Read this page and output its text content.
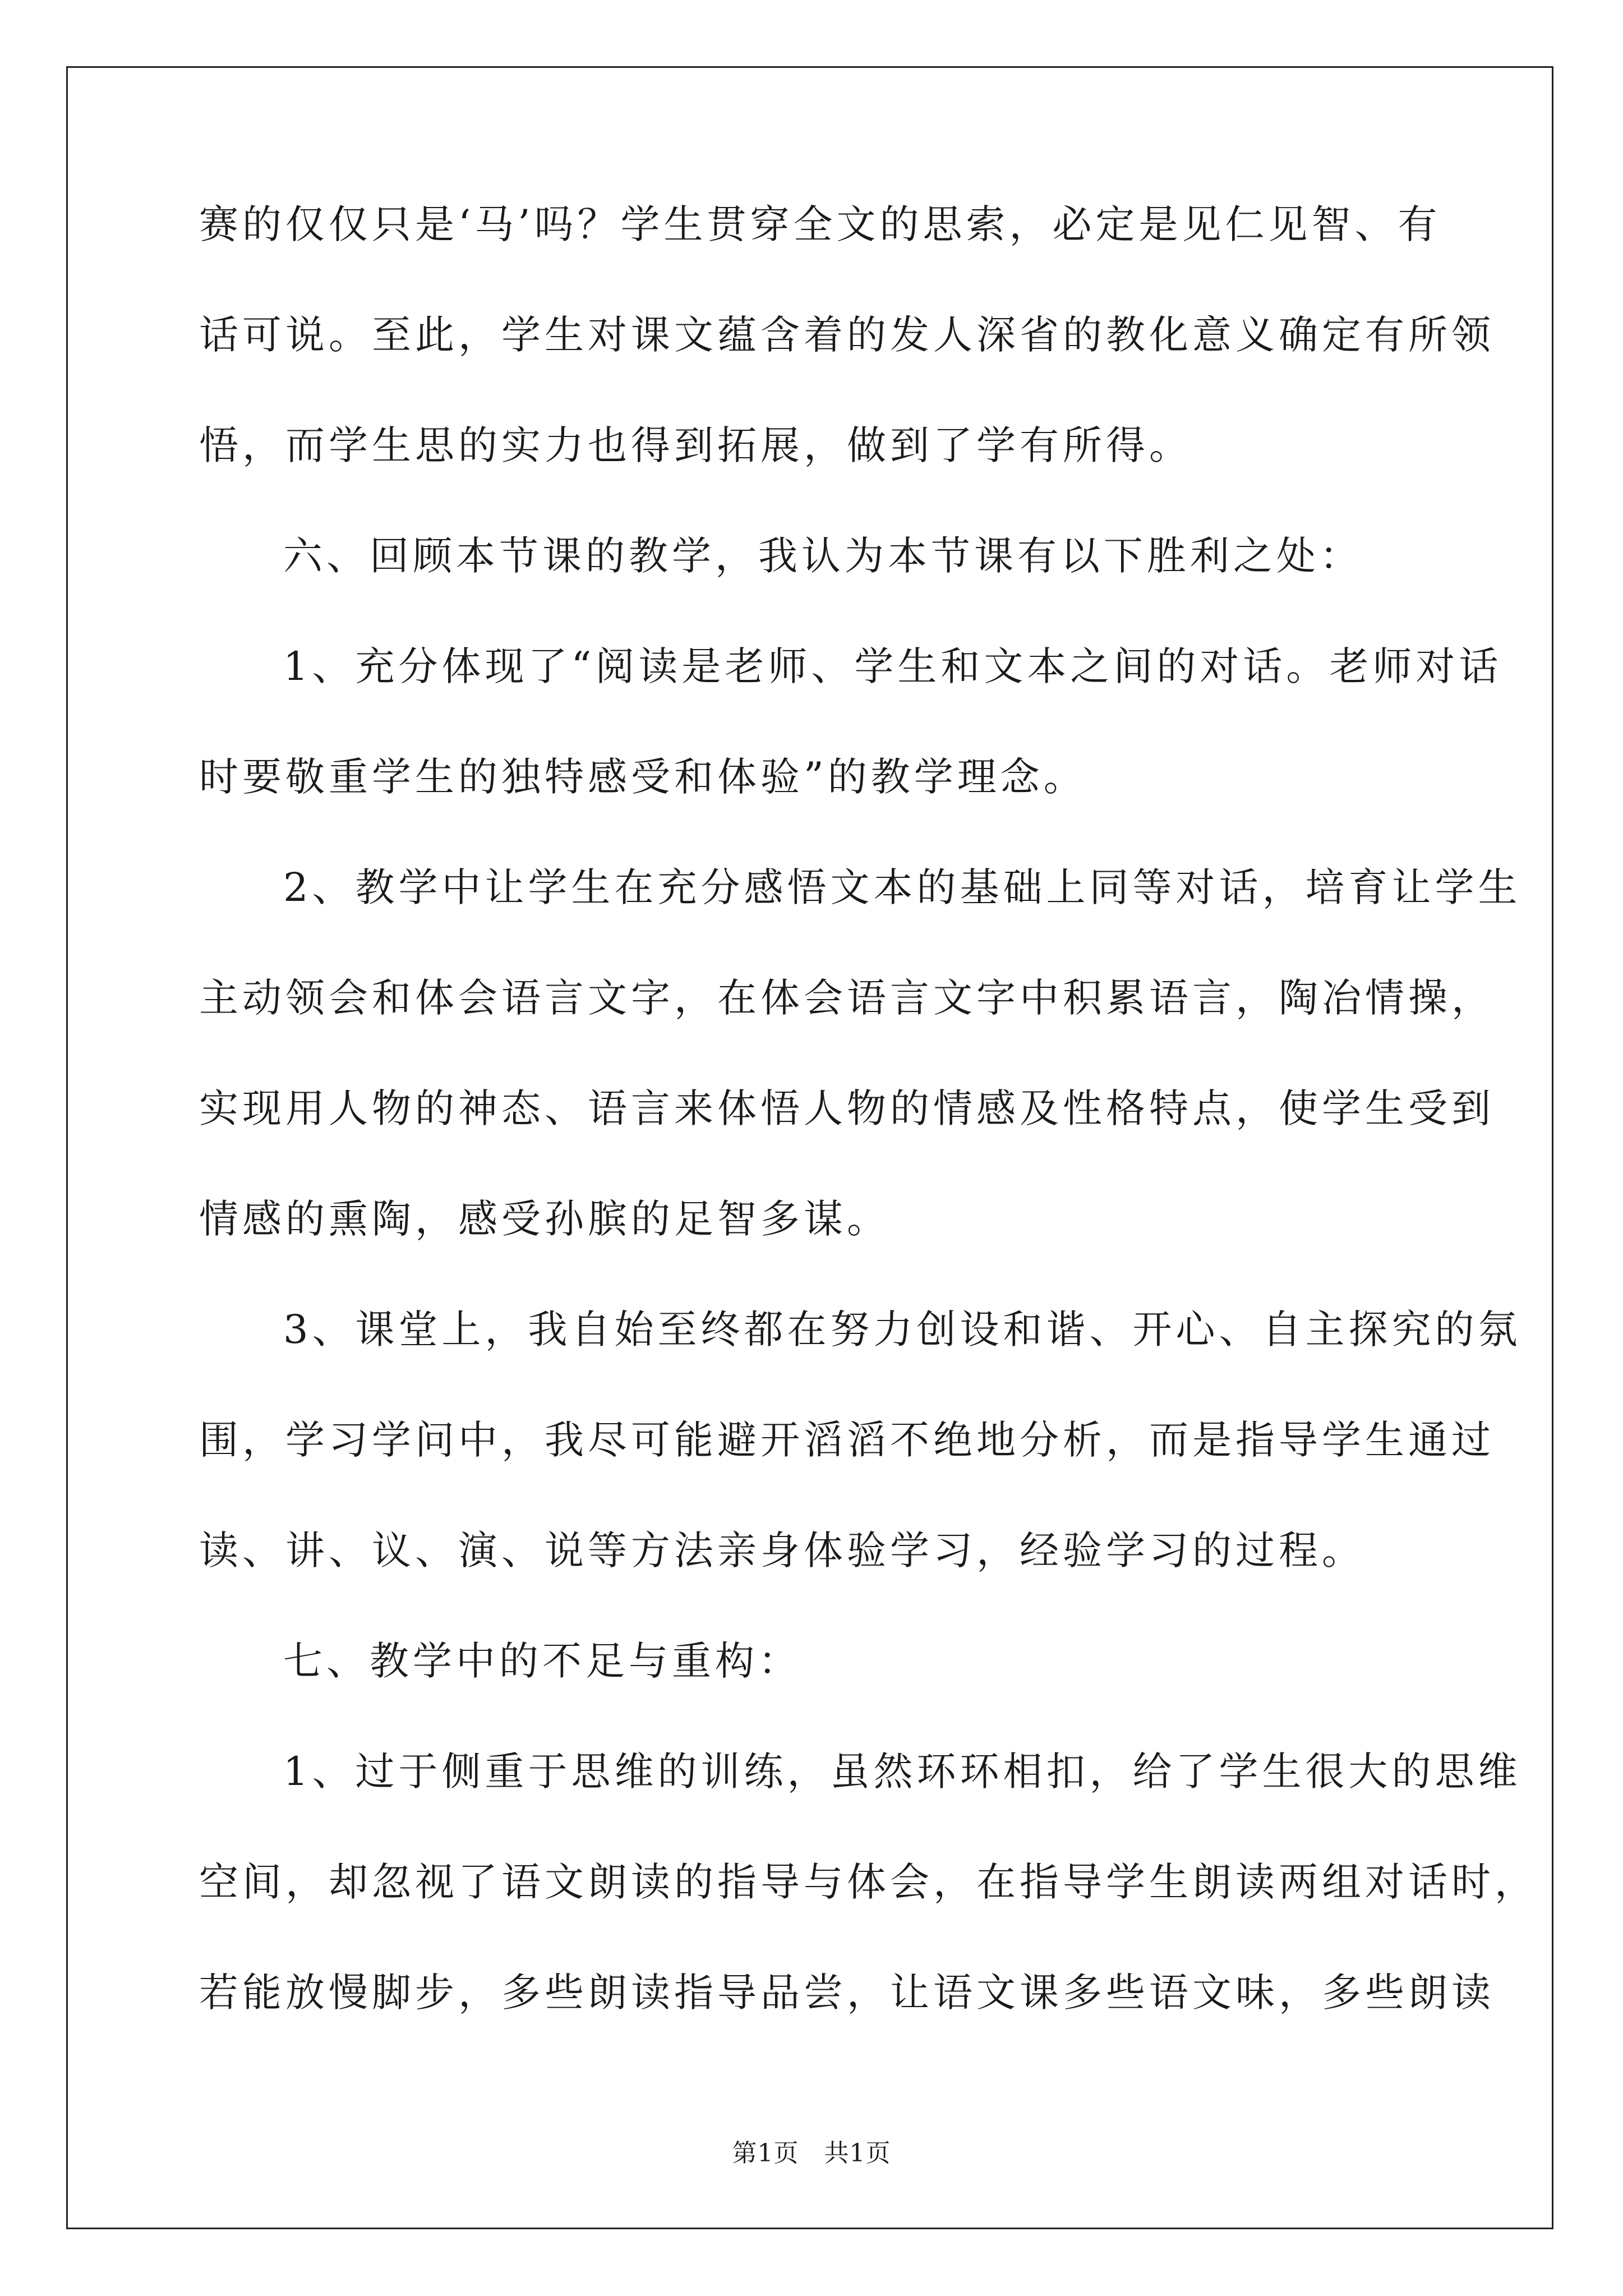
赛的仅仅只是‘马’吗？学生贯穿全文的思索，必定是见仁见智、有
话可说。至此，学生对课文蕴含着的发人深省的教化意义确定有所领
悟，而学生思的实力也得到拓展，做到了学有所得。
六、回顾本节课的教学，我认为本节课有以下胜利之处：
1、充分体现了“阅读是老师、学生和文本之间的对话。老师对话
时要敬重学生的独特感受和体验”的教学理念。
2、教学中让学生在充分感悟文本的基础上同等对话，培育让学生
主动领会和体会语言文字，在体会语言文字中积累语言，陶冶情操，
实现用人物的神态、语言来体悟人物的情感及性格特点，使学生受到
情感的熏陶，感受孙膑的足智多谋。
3、课堂上，我自始至终都在努力创设和谐、开心、自主探究的氛
围，学习学问中，我尽可能避开滔滔不绝地分析，而是指导学生通过
读、讲、议、演、说等方法亲身体验学习，经验学习的过程。
七、教学中的不足与重构：
1、过于侧重于思维的训练，虽然环环相扣，给了学生很大的思维
空间，却忽视了语文朗读的指导与体会，在指导学生朗读两组对话时，
若能放慢脚步，多些朗读指导品尝，让语文课多些语文味，多些朗读
第1页   共1页
